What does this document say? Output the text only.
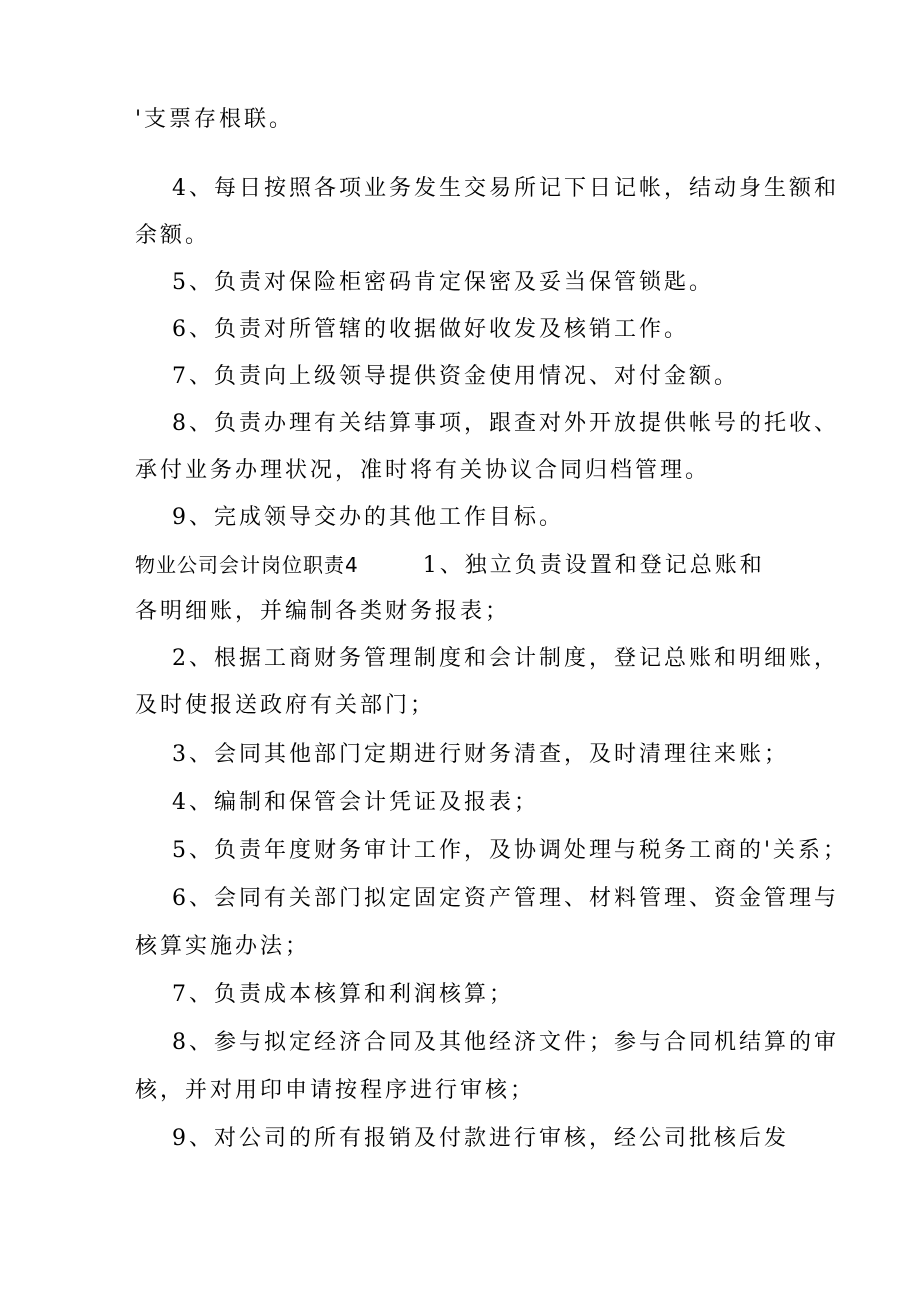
'支票存根联。
4、每日按照各项业务发生交易所记下日记帐，结动身生额和
余额。
5、负责对保险柜密码肯定保密及妥当保管锁匙。
6、负责对所管辖的收据做好收发及核销工作。
7、负责向上级领导提供资金使用情况、对付金额。
8、负责办理有关结算事项，跟查对外开放提供帐号的托收、
承付业务办理状况，准时将有关协议合同归档管理。
9、完成领导交办的其他工作目标。
物业公司会计岗位职责4	1、独立负责设置和登记总账和
各明细账，并编制各类财务报表；
2、根据工商财务管理制度和会计制度，登记总账和明细账，
及时使报送政府有关部门；
3、会同其他部门定期进行财务清查，及时清理往来账；
4、编制和保管会计凭证及报表；
5、负责年度财务审计工作，及协调处理与税务工商的'关系；
6、会同有关部门拟定固定资产管理、材料管理、资金管理与
核算实施办法；
7、负责成本核算和利润核算；
8、参与拟定经济合同及其他经济文件；参与合同机结算的审
核，并对用印申请按程序进行审核；
9、对公司的所有报销及付款进行审核，经公司批核后发
